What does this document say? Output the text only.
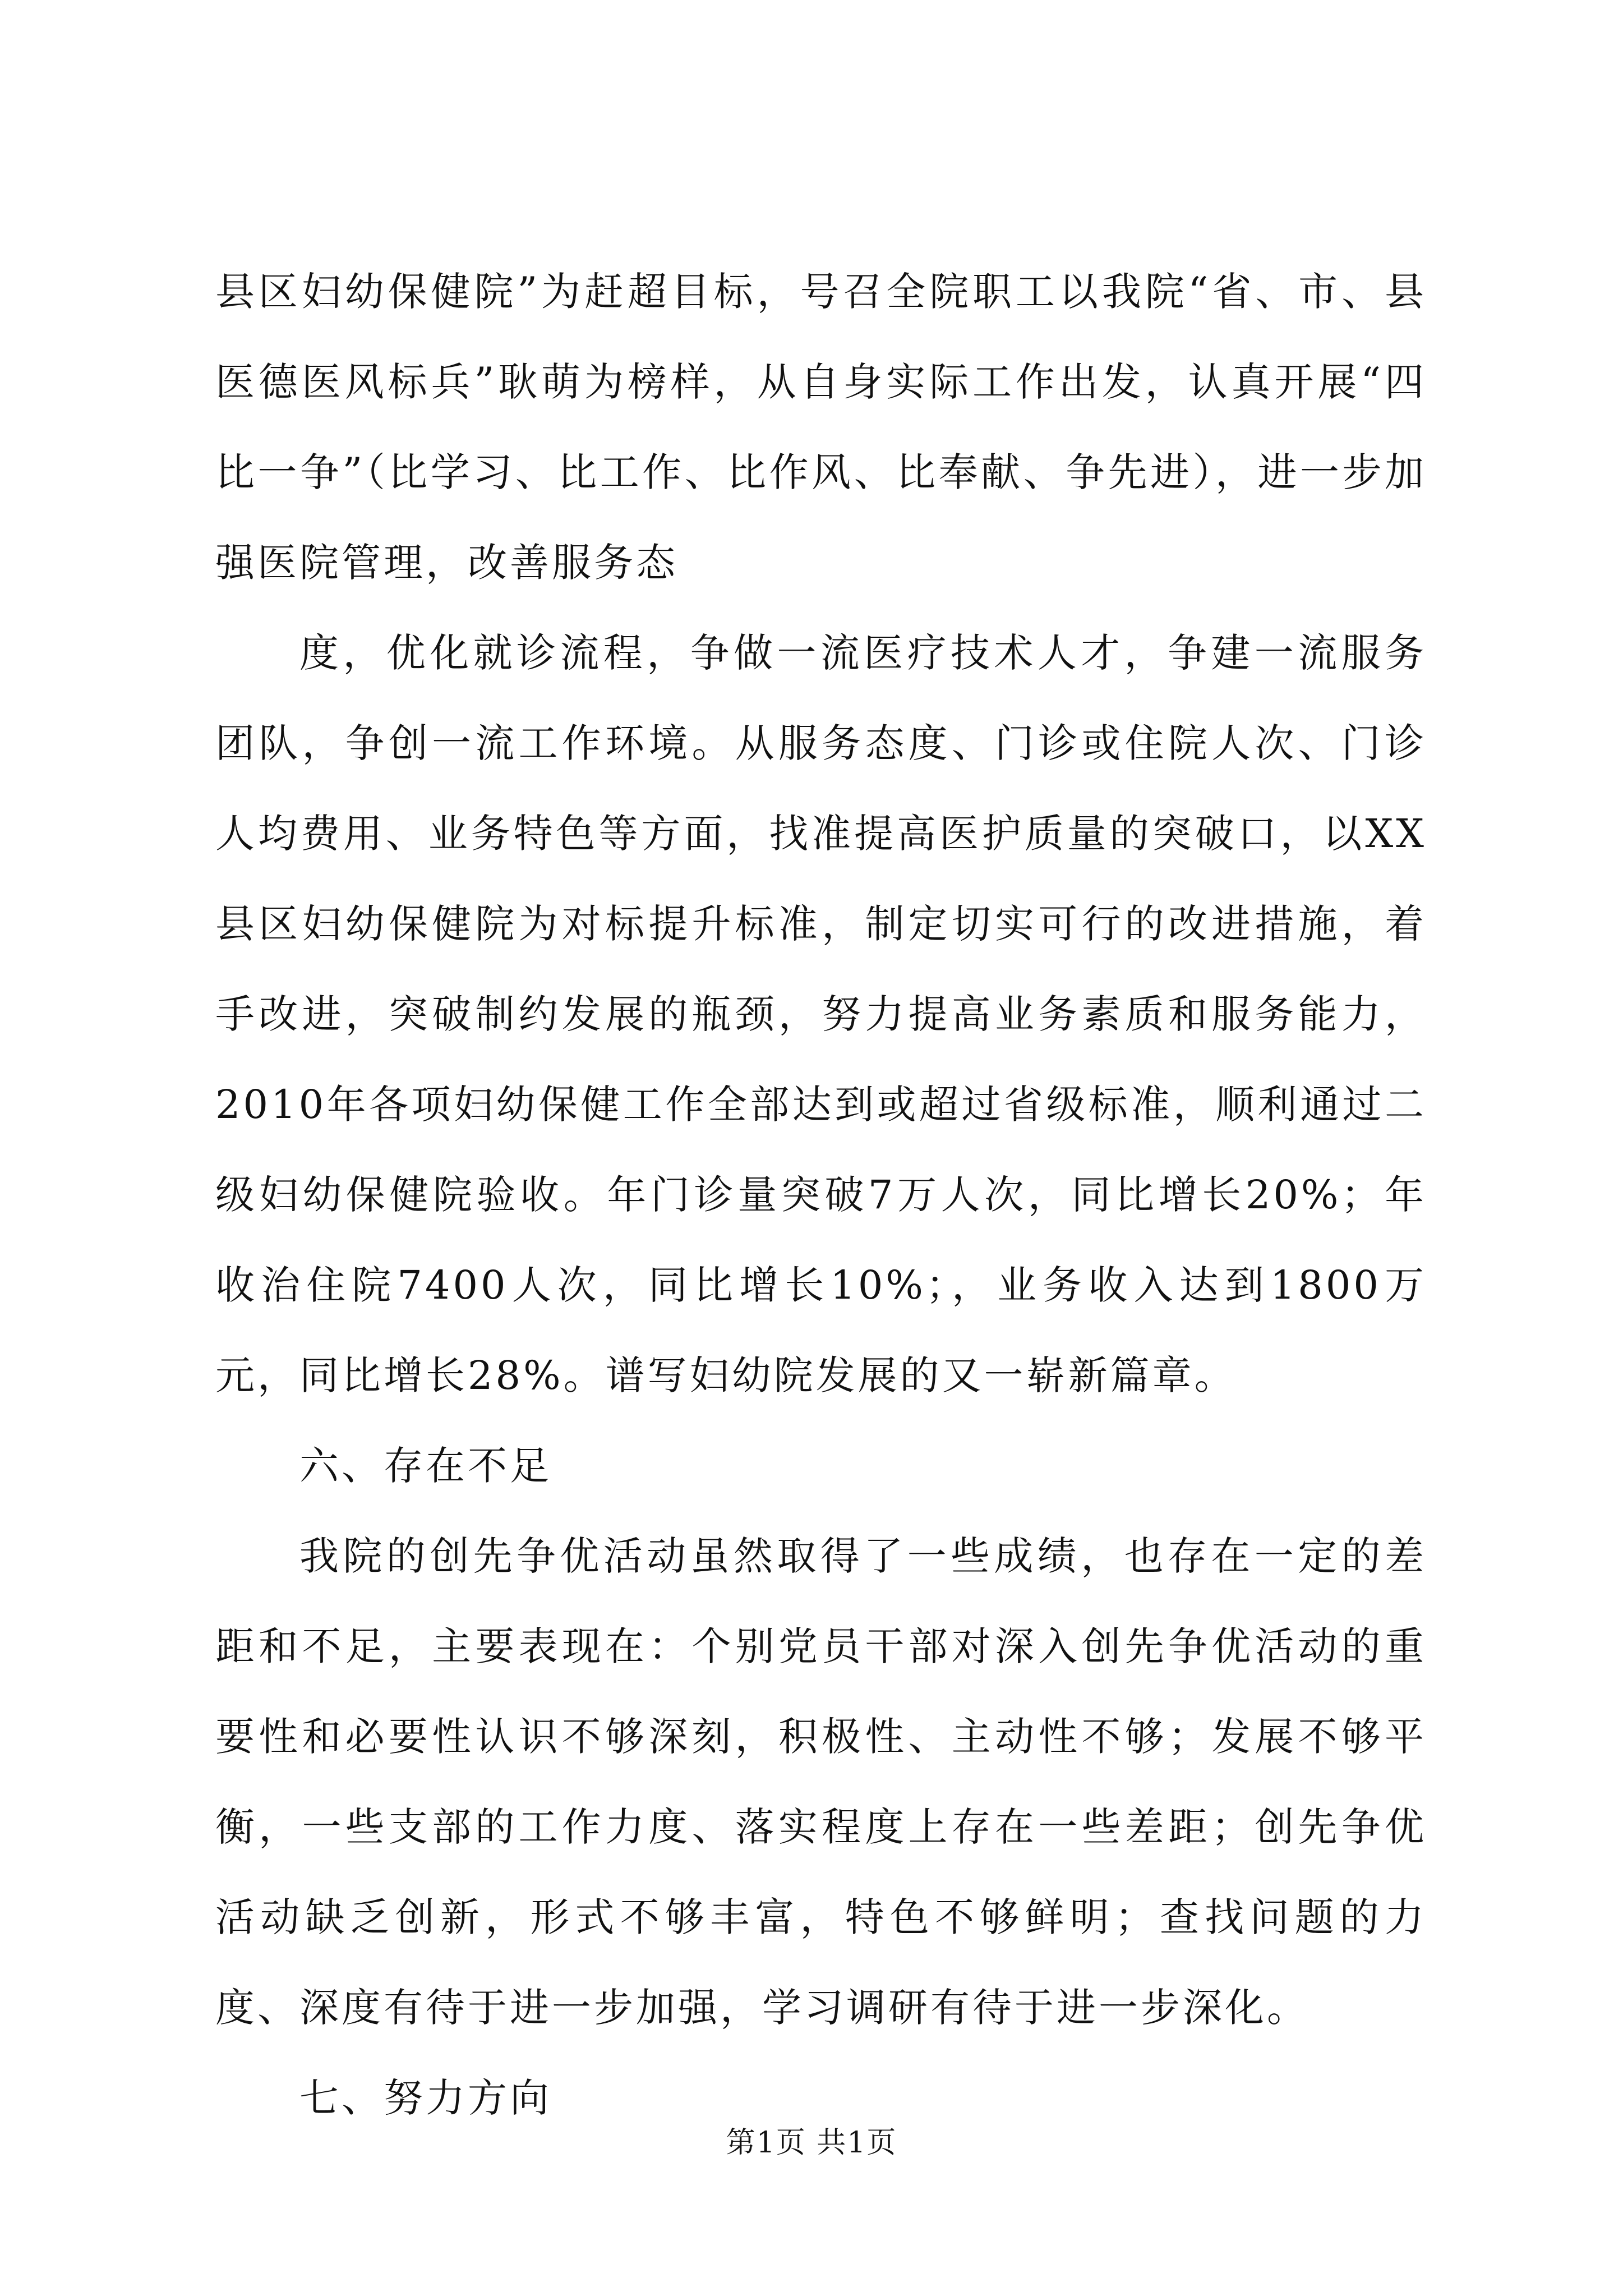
县区妇幼保健院”为赶超目标，号召全院职工以我院“省、市、县医德医风标兵”耿萌为榜样，从自身实际工作出发，认真开展“四比一争”（比学习、比工作、比作风、比奉献、争先进），进一步加强医院管理，改善服务态

度，优化就诊流程，争做一流医疗技术人才，争建一流服务团队，争创一流工作环境。从服务态度、门诊或住院人次、门诊人均费用、业务特色等方面，找准提高医护质量的突破口，以XX县区妇幼保健院为对标提升标准，制定切实可行的改进措施，着手改进，突破制约发展的瓶颈，努力提高业务素质和服务能力，2010年各项妇幼保健工作全部达到或超过省级标准，顺利通过二级妇幼保健院验收。年门诊量突破7万人次，同比增长20%；年收治住院7400人次，同比增长10%；，业务收入达到1800万元，同比增长28%。谱写妇幼院发展的又一崭新篇章。

六、存在不足

我院的创先争优活动虽然取得了一些成绩，也存在一定的差距和不足，主要表现在：个别党员干部对深入创先争优活动的重要性和必要性认识不够深刻，积极性、主动性不够；发展不够平衡，一些支部的工作力度、落实程度上存在一些差距；创先争优活动缺乏创新，形式不够丰富，特色不够鲜明；查找问题的力度、深度有待于进一步加强，学习调研有待于进一步深化。

七、努力方向

第1页 共1页
